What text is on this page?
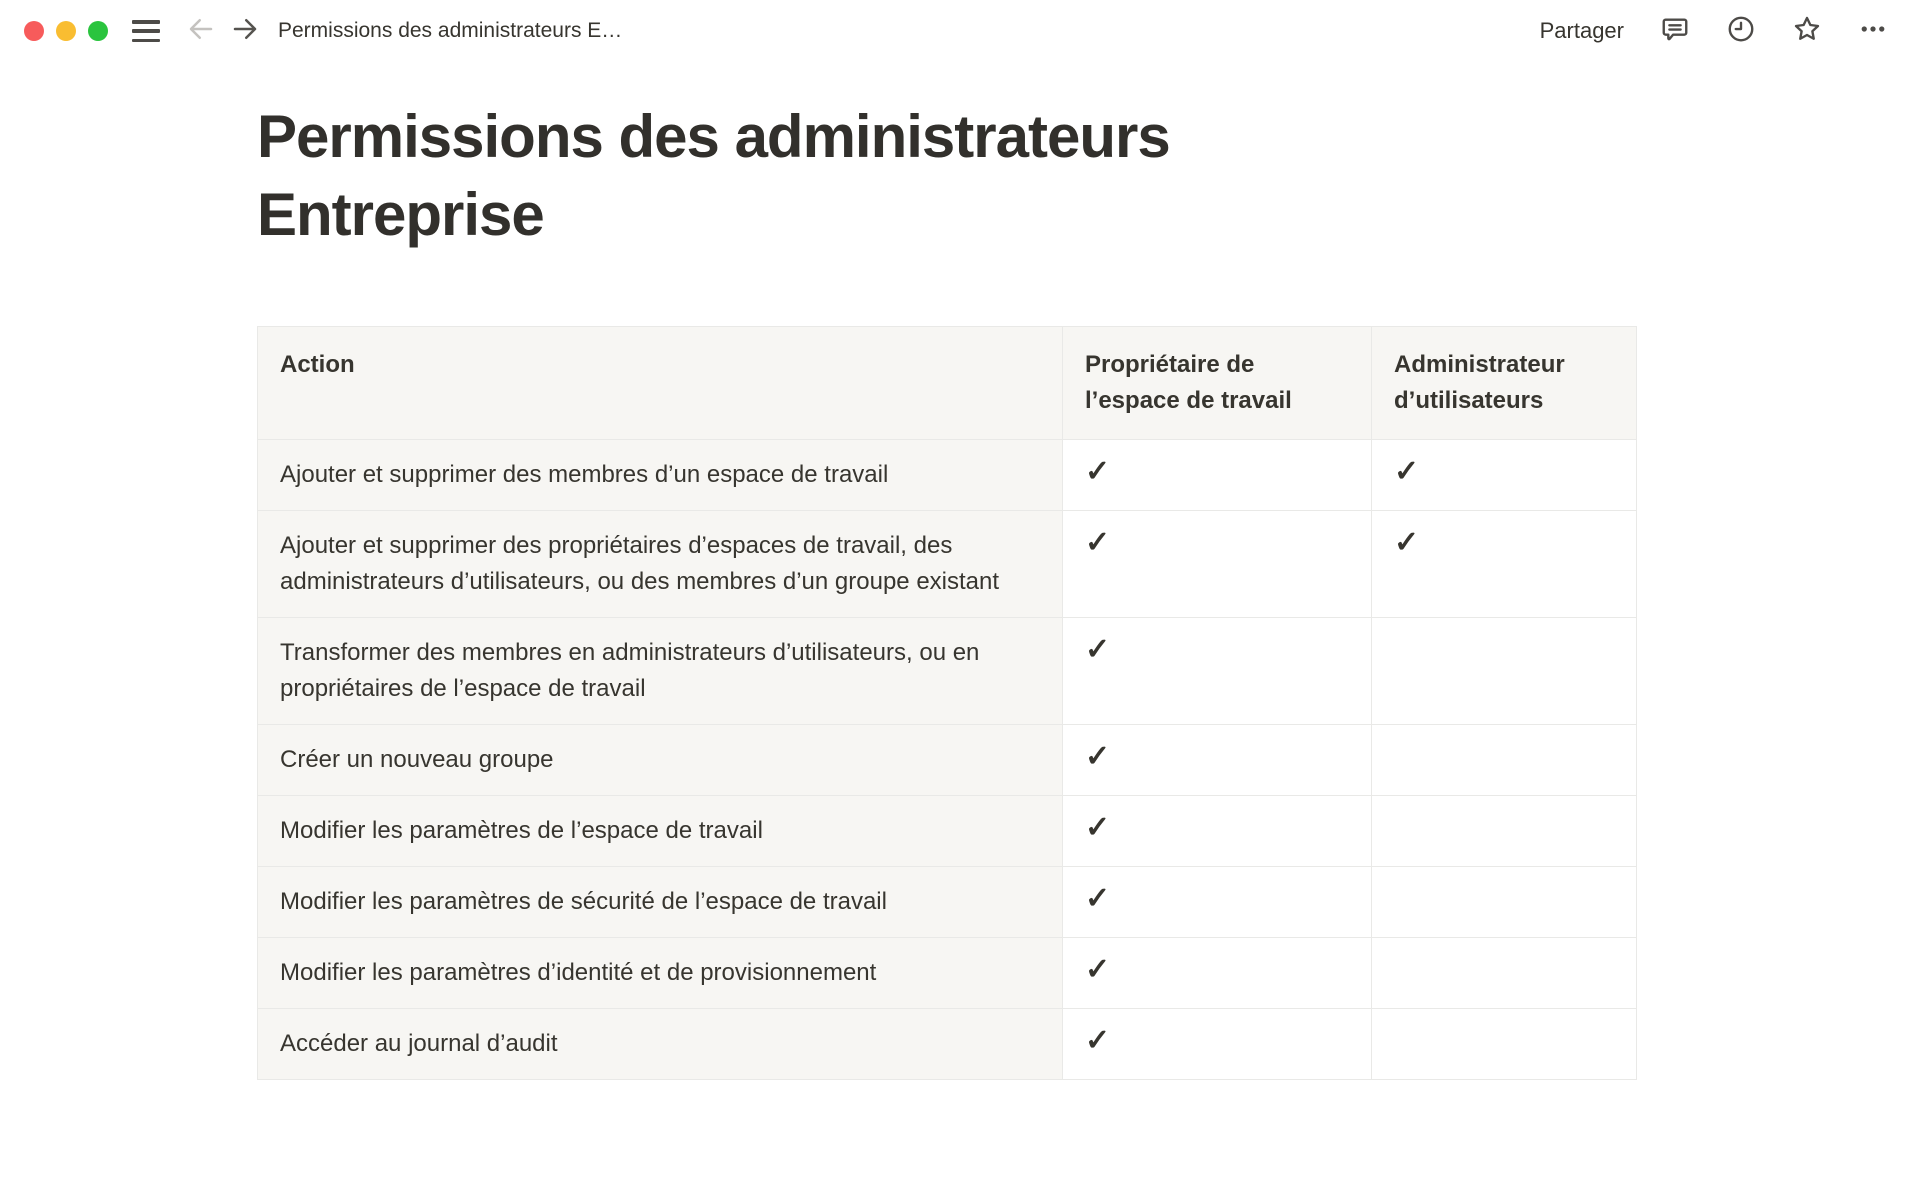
Permissions des administrateurs E…	Partager
Permissions des administrateurs Entreprise
Action	Propriétaire de l’espace de travail	Administrateur d’utilisateurs
Ajouter et supprimer des membres d’un espace de travail	✓	✓
Ajouter et supprimer des propriétaires d’espaces de travail, des administrateurs d’utilisateurs, ou des membres d’un groupe existant	✓	✓
Transformer des membres en administrateurs d’utilisateurs, ou en propriétaires de l’espace de travail	✓	
Créer un nouveau groupe	✓	
Modifier les paramètres de l’espace de travail	✓	
Modifier les paramètres de sécurité de l’espace de travail	✓	
Modifier les paramètres d’identité et de provisionnement	✓	
Accéder au journal d’audit	✓	
